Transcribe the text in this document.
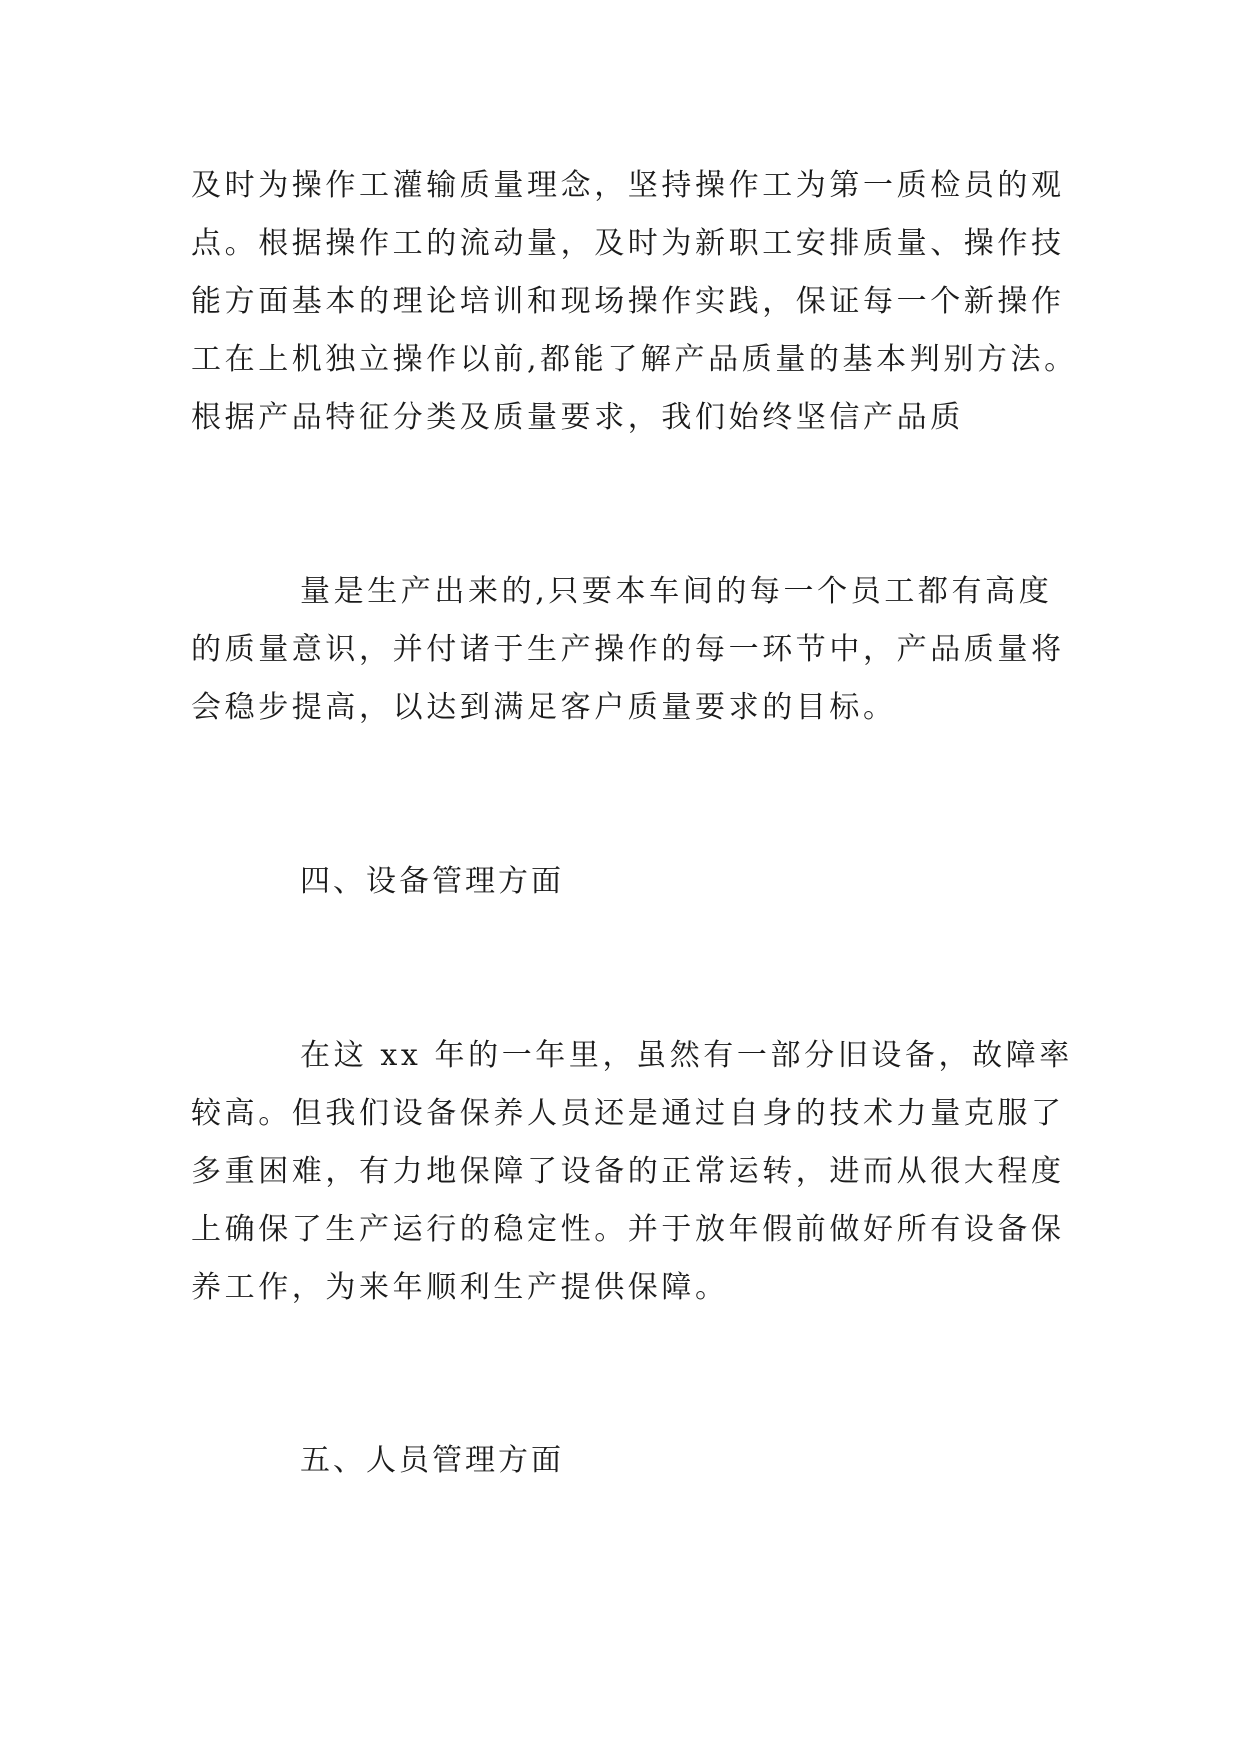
及时为操作工灌输质量理念，坚持操作工为第一质检员的观
点。根据操作工的流动量，及时为新职工安排质量、操作技
能方面基本的理论培训和现场操作实践，保证每一个新操作
工在上机独立操作以前,都能了解产品质量的基本判别方法。
根据产品特征分类及质量要求，我们始终坚信产品质
量是生产出来的,只要本车间的每一个员工都有高度
的质量意识，并付诸于生产操作的每一环节中，产品质量将
会稳步提高，以达到满足客户质量要求的目标。
四、设备管理方面
在这 xx 年的一年里，虽然有一部分旧设备，故障率
较高。但我们设备保养人员还是通过自身的技术力量克服了
多重困难，有力地保障了设备的正常运转，进而从很大程度
上确保了生产运行的稳定性。并于放年假前做好所有设备保
养工作，为来年顺利生产提供保障。
五、人员管理方面
